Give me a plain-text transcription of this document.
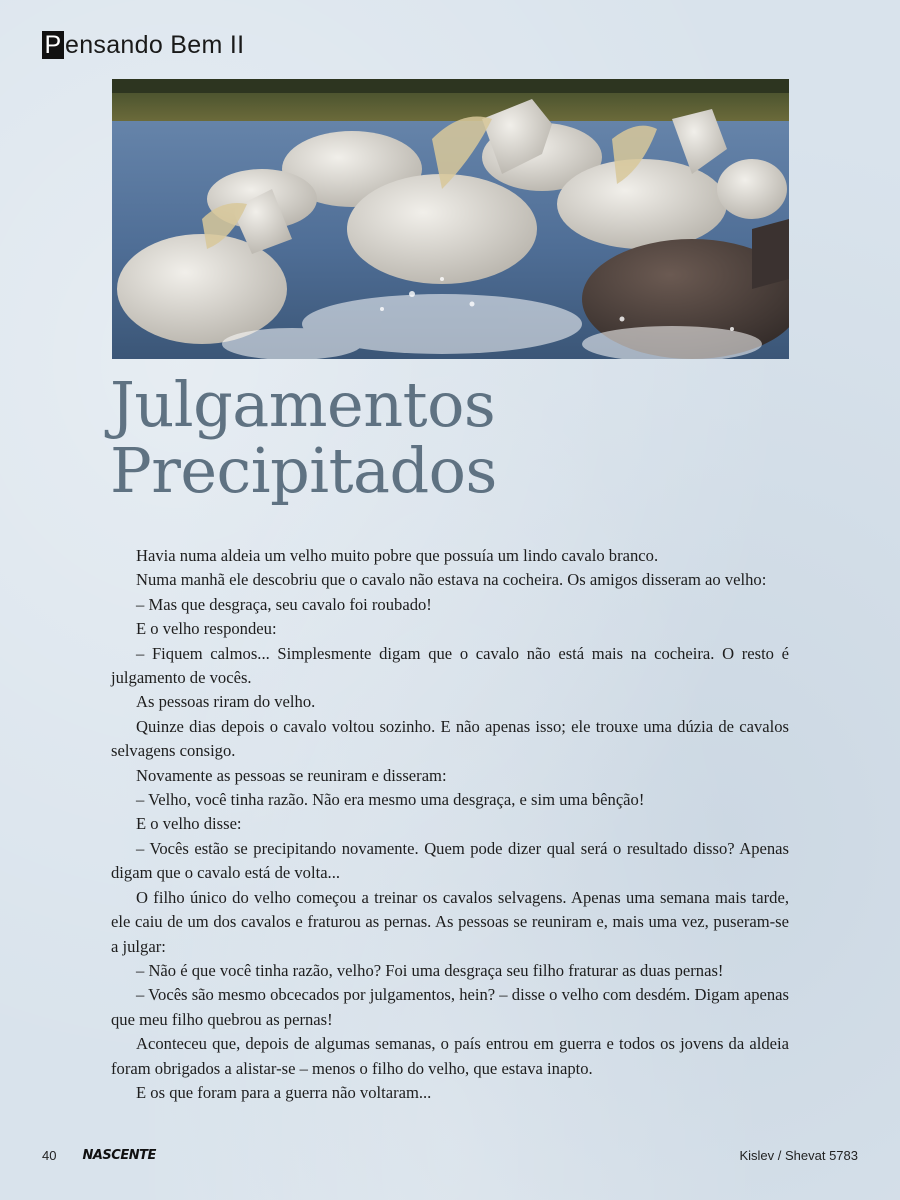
P ensando Bem II
Julgamentos
Precipitados

Havia numa aldeia um velho muito pobre que possuía um lindo cavalo branco.

Numa manhã ele descobriu que o cavalo não estava na cocheira. Os amigos disseram ao velho:

– Mas que desgraça, seu cavalo foi roubado!

E o velho respondeu:

– Fiquem calmos... Simplesmente digam que o cavalo não está mais na cocheira. O resto é julgamento de vocês.

As pessoas riram do velho.

Quinze dias depois o cavalo voltou sozinho. E não apenas isso; ele trouxe uma dúzia de cavalos selvagens consigo.

Novamente as pessoas se reuniram e disseram:

– Velho, você tinha razão. Não era mesmo uma desgraça, e sim uma bênção!

E o velho disse:

– Vocês estão se precipitando novamente. Quem pode dizer qual será o resultado disso? Apenas digam que o cavalo está de volta...

O filho único do velho começou a treinar os cavalos selvagens. Apenas uma semana mais tarde, ele caiu de um dos cavalos e fraturou as pernas. As pessoas se reuniram e, mais uma vez, puseram-se a julgar:

– Não é que você tinha razão, velho? Foi uma desgraça seu filho fraturar as duas pernas!

– Vocês são mesmo obcecados por julgamentos, hein? – disse o velho com desdém. Digam apenas que meu filho quebrou as pernas!

Aconteceu que, depois de algumas semanas, o país entrou em guerra e todos os jovens da aldeia foram obrigados a alistar-se – menos o filho do velho, que estava inapto.

E os que foram para a guerra não voltaram...

40 NASCENTE	Kislev / Shevat 5783
